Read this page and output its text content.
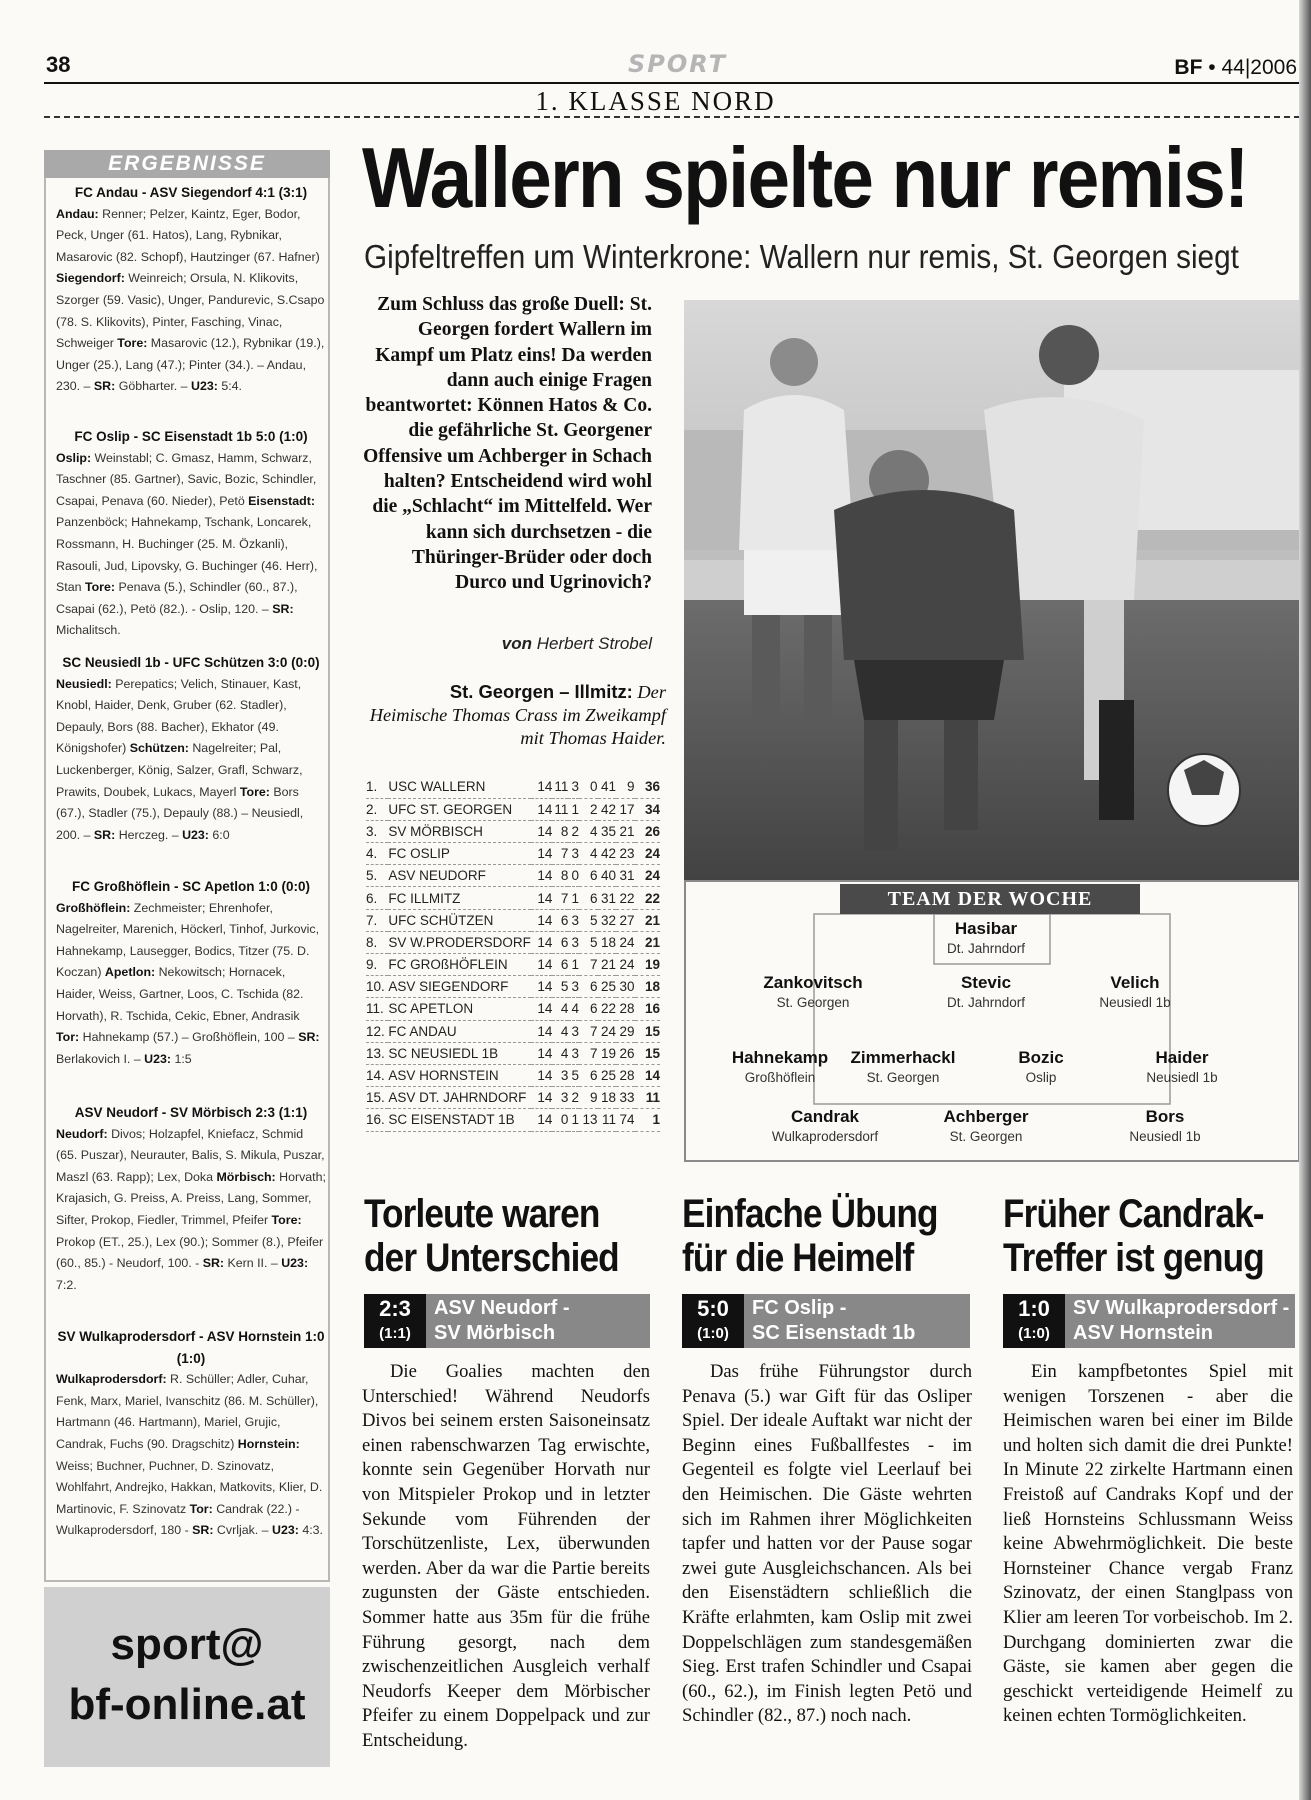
38	SPORT	BF • 44|2006
1. KLASSE NORD
ERGEBNISSE
FC Andau - ASV Siegendorf 4:1 (3:1)
Andau: Renner; Pelzer, Kaintz, Eger, Bodor, Peck, Unger (61. Hatos), Lang, Rybnikar, Masarovic (82. Schopf), Hautzinger (67. Hafner) Siegendorf: Weinreich; Orsula, N. Klikovits, Szorger (59. Vasic), Unger, Pandurevic, S.Csapo (78. S. Klikovits), Pinter, Fasching, Vinac, Schweiger Tore: Masarovic (12.), Rybnikar (19.), Unger (25.), Lang (47.); Pinter (34.). – Andau, 230. – SR: Göbharter. – U23: 5:4.
FC Oslip - SC Eisenstadt 1b 5:0 (1:0)
Oslip: Weinstabl; C. Gmasz, Hamm, Schwarz, Taschner (85. Gartner), Savic, Bozic, Schindler, Csapai, Penava (60. Nieder), Petö Eisenstadt: Panzenböck; Hahnekamp, Tschank, Loncarek, Rossmann, H. Buchinger (25. M. Özkanli), Rasouli, Jud, Lipovsky, G. Buchinger (46. Herr), Stan Tore: Penava (5.), Schindler (60., 87.), Csapai (62.), Petö (82.). - Oslip, 120. – SR: Michalitsch.
SC Neusiedl 1b - UFC Schützen 3:0 (0:0)
Neusiedl: Perepatics; Velich, Stinauer, Kast, Knobl, Haider, Denk, Gruber (62. Stadler), Depauly, Bors (88. Bacher), Ekhator (49. Königshofer) Schützen: Nagelreiter; Pal, Luckenberger, König, Salzer, Grafl, Schwarz, Prawits, Doubek, Lukacs, Mayerl Tore: Bors (67.), Stadler (75.), Depauly (88.) – Neusiedl, 200. – SR: Herczeg. – U23: 6:0
FC Großhöflein - SC Apetlon 1:0 (0:0)
Großhöflein: Zechmeister; Ehrenhofer, Nagelreiter, Marenich, Höckerl, Tinhof, Jurkovic, Hahnekamp, Lausegger, Bodics, Titzer (75. D. Koczan) Apetlon: Nekowitsch; Hornacek, Haider, Weiss, Gartner, Loos, C. Tschida (82. Horvath), R. Tschida, Cekic, Ebner, Andrasik Tor: Hahnekamp (57.) – Großhöflein, 100 – SR: Berlakovich I. – U23: 1:5
ASV Neudorf - SV Mörbisch 2:3 (1:1)
Neudorf: Divos; Holzapfel, Kniefacz, Schmid (65. Puszar), Neurauter, Balis, S. Mikula, Puszar, Maszl (63. Rapp); Lex, Doka Mörbisch: Horvath; Krajasich, G. Preiss, A. Preiss, Lang, Sommer, Sifter, Prokop, Fiedler, Trimmel, Pfeifer Tore: Prokop (ET., 25.), Lex (90.); Sommer (8.), Pfeifer (60., 85.) - Neudorf, 100. - SR: Kern II. – U23: 7:2.
SV Wulkaprodersdorf - ASV Hornstein 1:0 (1:0)
Wulkaprodersdorf: R. Schüller; Adler, Cuhar, Fenk, Marx, Mariel, Ivanschitz (86. M. Schüller), Hartmann (46. Hartmann), Mariel, Grujic, Candrak, Fuchs (90. Dragschitz) Hornstein: Weiss; Buchner, Puchner, D. Szinovatz, Wohlfahrt, Andrejko, Hakkan, Matkovits, Klier, D. Martinovic, F. Szinovatz Tor: Candrak (22.) - Wulkaprodersdorf, 180 - SR: Cvrljak. – U23: 4:3.
sport@
bf-online.at
Wallern spielte nur remis!
Gipfeltreffen um Winterkrone: Wallern nur remis, St. Georgen siegt
Zum Schluss das große Duell: St. Georgen fordert Wallern im Kampf um Platz eins! Da werden dann auch einige Fragen beantwortet: Können Hatos & Co. die gefährliche St. Georgener Offensive um Achberger in Schach halten? Entscheidend wird wohl die „Schlacht“ im Mittelfeld. Wer kann sich durchsetzen - die Thüringer-Brüder oder doch Durco und Ugrinovich?
von Herbert Strobel
St. Georgen – Illmitz: Der Heimische Thomas Crass im Zweikampf mit Thomas Haider.
1.	USC WALLERN	14	11	3	0	41	9	36
2.	UFC ST. GEORGEN	14	11	1	2	42	17	34
3.	SV MÖRBISCH	14	8	2	4	35	21	26
4.	FC OSLIP	14	7	3	4	42	23	24
5.	ASV NEUDORF	14	8	0	6	40	31	24
6.	FC ILLMITZ	14	7	1	6	31	22	22
7.	UFC SCHÜTZEN	14	6	3	5	32	27	21
8.	SV W.PRODERSDORF	14	6	3	5	18	24	21
9.	FC GROßHÖFLEIN	14	6	1	7	21	24	19
10.	ASV SIEGENDORF	14	5	3	6	25	30	18
11.	SC APETLON	14	4	4	6	22	28	16
12.	FC ANDAU	14	4	3	7	24	29	15
13.	SC NEUSIEDL 1B	14	4	3	7	19	26	15
14.	ASV HORNSTEIN	14	3	5	6	25	28	14
15.	ASV DT. JAHRNDORF	14	3	2	9	18	33	11
16.	SC EISENSTADT 1B	14	0	1	13	11	74	1
TEAM DER WOCHE
Hasibar
Dt. Jahrndorf
Zankovitsch
St. Georgen
Stevic
Dt. Jahrndorf
Velich
Neusiedl 1b
Hahnekamp
Großhöflein
Zimmerhackl
St. Georgen
Bozic
Oslip
Haider
Neusiedl 1b
Candrak
Wulkaprodersdorf
Achberger
St. Georgen
Bors
Neusiedl 1b
Torleute waren
der Unterschied
2:3
(1:1)
ASV Neudorf -
SV Mörbisch
Die Goalies machten den Unterschied! Während Neudorfs Divos bei seinem ersten Saisoneinsatz einen rabenschwarzen Tag erwischte, konnte sein Gegenüber Horvath nur von Mitspieler Prokop und in letzter Sekunde vom Führenden der Torschützenliste, Lex, überwunden werden. Aber da war die Partie bereits zugunsten der Gäste entschieden. Sommer hatte aus 35m für die frühe Führung gesorgt, nach dem zwischenzeitlichen Ausgleich verhalf Neudorfs Keeper dem Mörbischer Pfeifer zu einem Doppelpack und zur Entscheidung.
Einfache Übung
für die Heimelf
5:0
(1:0)
FC Oslip -
SC Eisenstadt 1b
Das frühe Führungstor durch Penava (5.) war Gift für das Osliper Spiel. Der ideale Auftakt war nicht der Beginn eines Fußballfestes - im Gegenteil es folgte viel Leerlauf bei den Heimischen. Die Gäste wehrten sich im Rahmen ihrer Möglichkeiten tapfer und hatten vor der Pause sogar zwei gute Ausgleichschancen. Als bei den Eisenstädtern schließlich die Kräfte erlahmten, kam Oslip mit zwei Doppelschlägen zum standesgemäßen Sieg. Erst trafen Schindler und Csapai (60., 62.), im Finish legten Petö und Schindler (82., 87.) noch nach.
Früher Candrak-
Treffer ist genug
1:0
(1:0)
SV Wulkaprodersdorf -
ASV Hornstein
Ein kampfbetontes Spiel mit wenigen Torszenen - aber die Heimischen waren bei einer im Bilde und holten sich damit die drei Punkte! In Minute 22 zirkelte Hartmann einen Freistoß auf Candraks Kopf und der ließ Hornsteins Schlussmann Weiss keine Abwehrmöglichkeit. Die beste Hornsteiner Chance vergab Franz Szinovatz, der einen Stanglpass von Klier am leeren Tor vorbeischob. Im 2. Durchgang dominierten zwar die Gäste, sie kamen aber gegen die geschickt verteidigende Heimelf zu keinen echten Tormöglichkeiten.
